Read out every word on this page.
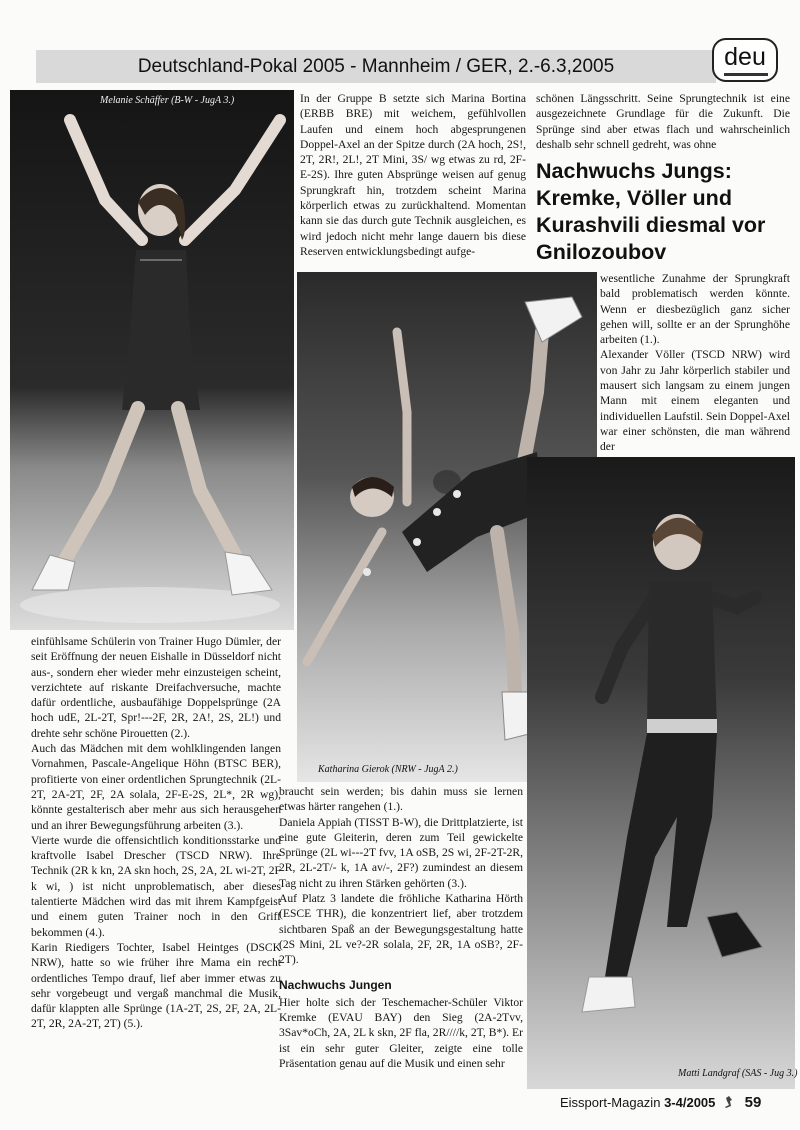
Deutschland-Pokal 2005 - Mannheim / GER, 2.-6.3,2005	deu
Melanie Schäffer (B-W - JugA 3.)	In der Gruppe B setzte sich Marina Bortina (ERBB BRE) mit weichem, gefühlvollen Laufen und einem hoch abgesprungenen Doppel-Axel an der Spitze durch (2A hoch, 2S!, 2T, 2R!, 2L!, 2T Mini, 3S/ wg etwas zu rd, 2F-E-2S). Ihre guten Absprünge weisen auf genug Sprungkraft hin, trotzdem scheint Marina körperlich etwas zu zurückhaltend. Momentan kann sie das durch gute Technik ausgleichen, es wird jedoch nicht mehr lange dauern bis diese Reserven entwicklungsbedingt aufge-

schönen Längsschritt. Seine Sprungtechnik ist eine ausgezeichnete Grundlage für die Zukunft. Die Sprünge sind aber etwas flach und wahrscheinlich deshalb sehr schnell gedreht, was ohne

Nachwuchs Jungs: Kremke, Völler und Kurashvili diesmal vor Gnilozoubov

wesentliche Zunahme der Sprungkraft bald problematisch werden könnte. Wenn er diesbezüglich ganz sicher gehen will, sollte er an der Sprunghöhe arbeiten (1.).

Alexander Völler (TSCD NRW) wird von Jahr zu Jahr körperlich stabiler und mausert sich langsam zu einem jungen Mann mit einem eleganten und individuellen Laufstil. Sein Doppel-Axel war einer schönsten, die man während der

Katharina Gierok (NRW - JugA 2.)
Matti Landgraf (SAS - Jug 3.)

einfühlsame Schülerin von Trainer Hugo Dümler, der seit Eröffnung der neuen Eishalle in Düsseldorf nicht aus-, sondern eher wieder mehr einzusteigen scheint, verzichtete auf riskante Dreifachversuche, machte dafür ordentliche, ausbaufähige Doppelsprünge (2A hoch udE, 2L-2T, Spr!---2F, 2R, 2A!, 2S, 2L!) und drehte sehr schöne Pirouetten (2.).

Auch das Mädchen mit dem wohlklingenden langen Vornahmen, Pascale-Angelique Höhn (BTSC BER), profitierte von einer ordentlichen Sprungtechnik (2L-2T, 2A-2T, 2F, 2A solala, 2F-E-2S, 2L*, 2R wg), könnte gestalterisch aber mehr aus sich herausgehen und an ihrer Bewegungsführung arbeiten (3.).

Vierte wurde die offensichtlich konditionsstarke und kraftvolle Isabel Drescher (TSCD NRW). Ihre Technik (2R k kn, 2A skn hoch, 2S, 2A, 2L wi-2T, 2F k wi, ) ist nicht unproblematisch, aber dieses talentierte Mädchen wird das mit ihrem Kampfgeist und einem guten Trainer noch in den Griff bekommen (4.).

Karin Riedigers Tochter, Isabel Heintges (DSCK NRW), hatte so wie früher ihre Mama ein recht ordentliches Tempo drauf, lief aber immer etwas zu sehr vorgebeugt und vergaß manchmal die Musik, dafür klappten alle Sprünge (1A-2T, 2S, 2F, 2A, 2L-2T, 2R, 2A-2T, 2T) (5.).

braucht sein werden; bis dahin muss sie lernen etwas härter rangehen (1.).

Daniela Appiah (TISST B-W), die Drittplatzierte, ist eine gute Gleiterin, deren zum Teil gewickelte Sprünge (2L wi---2T fvv, 1A oSB, 2S wi, 2F-2T-2R, 2R, 2L-2T/- k, 1A av/-, 2F?) zumindest an diesem Tag nicht zu ihren Stärken gehörten (3.).

Auf Platz 3 landete die fröhliche Katharina Hörth (ESCE THR), die konzentriert lief, aber trotzdem sichtbaren Spaß an der Bewegungsgestaltung hatte (2S Mini, 2L ve?-2R solala, 2F, 2R, 1A oSB?, 2F-2T).

Nachwuchs Jungen

Hier holte sich der Teschemacher-Schüler Viktor Kremke (EVAU BAY) den Sieg (2A-2Tvv, 3Sav*oCh, 2A, 2L k skn, 2F fla, 2R////k, 2T, B*). Er ist ein sehr guter Gleiter, zeigte eine tolle Präsentation genau auf die Musik und einen sehr

Eissport-Magazin 3-4/2005 59
